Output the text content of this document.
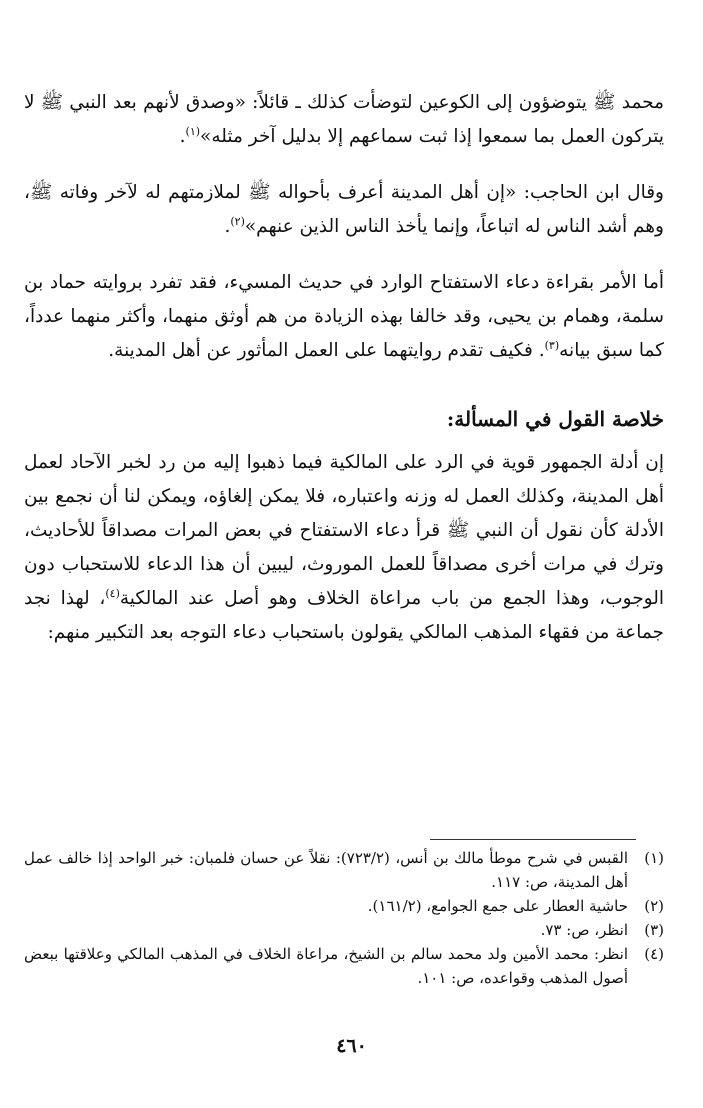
محمد ﷺ يتوضؤون إلى الكوعين لتوضأت كذلك ـ قائلاً: «وصدق لأنهم بعد النبي ﷺ لا يتركون العمل بما سمعوا إذا ثبت سماعهم إلا بدليل آخر مثله»$^{(١)}$.

وقال ابن الحاجب: «إن أهل المدينة أعرف بأحواله ﷺ لملازمتهم له لآخر وفاته ﷺ، وهم أشد الناس له اتباعاً، وإنما يأخذ الناس الذين عنهم»$^{(٢)}$.

أما الأمر بقراءة دعاء الاستفتاح الوارد في حديث المسيء، فقد تفرد بروايته حماد بن سلمة، وهمام بن يحيى، وقد خالفا بهذه الزيادة من هم أوثق منهما، وأكثر منهما عدداً، كما سبق بيانه$^{(٣)}$. فكيف تقدم روايتهما على العمل المأثور عن أهل المدينة.

خلاصة القول في المسألة:

إن أدلة الجمهور قوية في الرد على المالكية فيما ذهبوا إليه من رد لخبر الآحاد لعمل أهل المدينة، وكذلك العمل له وزنه واعتباره، فلا يمكن إلغاؤه، ويمكن لنا أن نجمع بين الأدلة كأن نقول أن النبي ﷺ قرأ دعاء الاستفتاح في بعض المرات مصداقاً للأحاديث، وترك في مرات أخرى مصداقاً للعمل الموروث، ليبين أن هذا الدعاء للاستحباب دون الوجوب، وهذا الجمع من باب مراعاة الخلاف وهو أصل عند المالكية$^{(٤)}$، لهذا نجد جماعة من فقهاء المذهب المالكي يقولون باستحباب دعاء التوجه بعد التكبير منهم:

(١)
القبس في شرح موطأ مالك بن أنس، (٧٢٣/٢): نقلاً عن حسان فلمبان: خبر الواحد إذا خالف عمل أهل المدينة، ص: ١١٧.
(٢)
حاشية العطار على جمع الجوامع، (١٦١/٢).
(٣)
انظر، ص: ٧٣.
(٤)
انظر: محمد الأمين ولد محمد سالم بن الشيخ، مراعاة الخلاف في المذهب المالكي وعلاقتها ببعض أصول المذهب وقواعده، ص: ١٠١.
٤٦٠
